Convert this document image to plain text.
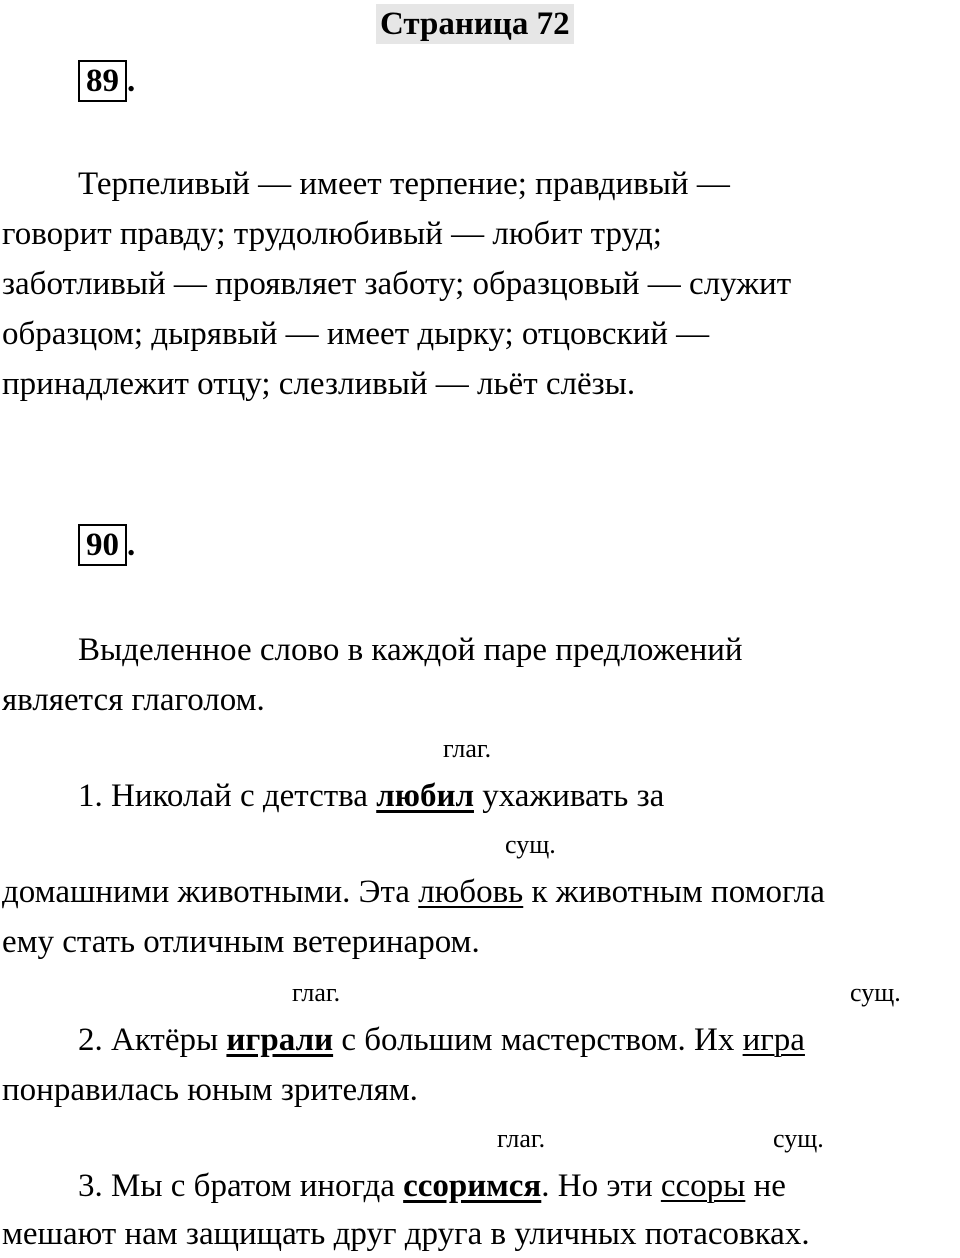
Страница 72
89 .
Терпеливый — имеет терпение; правдивый —
говорит правду; трудолюбивый — любит труд;
заботливый — проявляет заботу; образцовый — служит
образцом; дырявый — имеет дырку; отцовский —
принадлежит отцу; слезливый — льёт слёзы.
90 .
Выделенное слово в каждой паре предложений
является глаголом.
глаг.
1. Николай с детства любил ухаживать за
сущ.
домашними животными. Эта любовь к животным помогла
ему стать отличным ветеринаром.
глаг.	сущ.
2. Актёры играли с большим мастерством. Их игра
понравилась юным зрителям.
глаг.	сущ.
3. Мы с братом иногда ссоримся. Но эти ссоры не
мешают нам защищать друг друга в уличных потасовках.
